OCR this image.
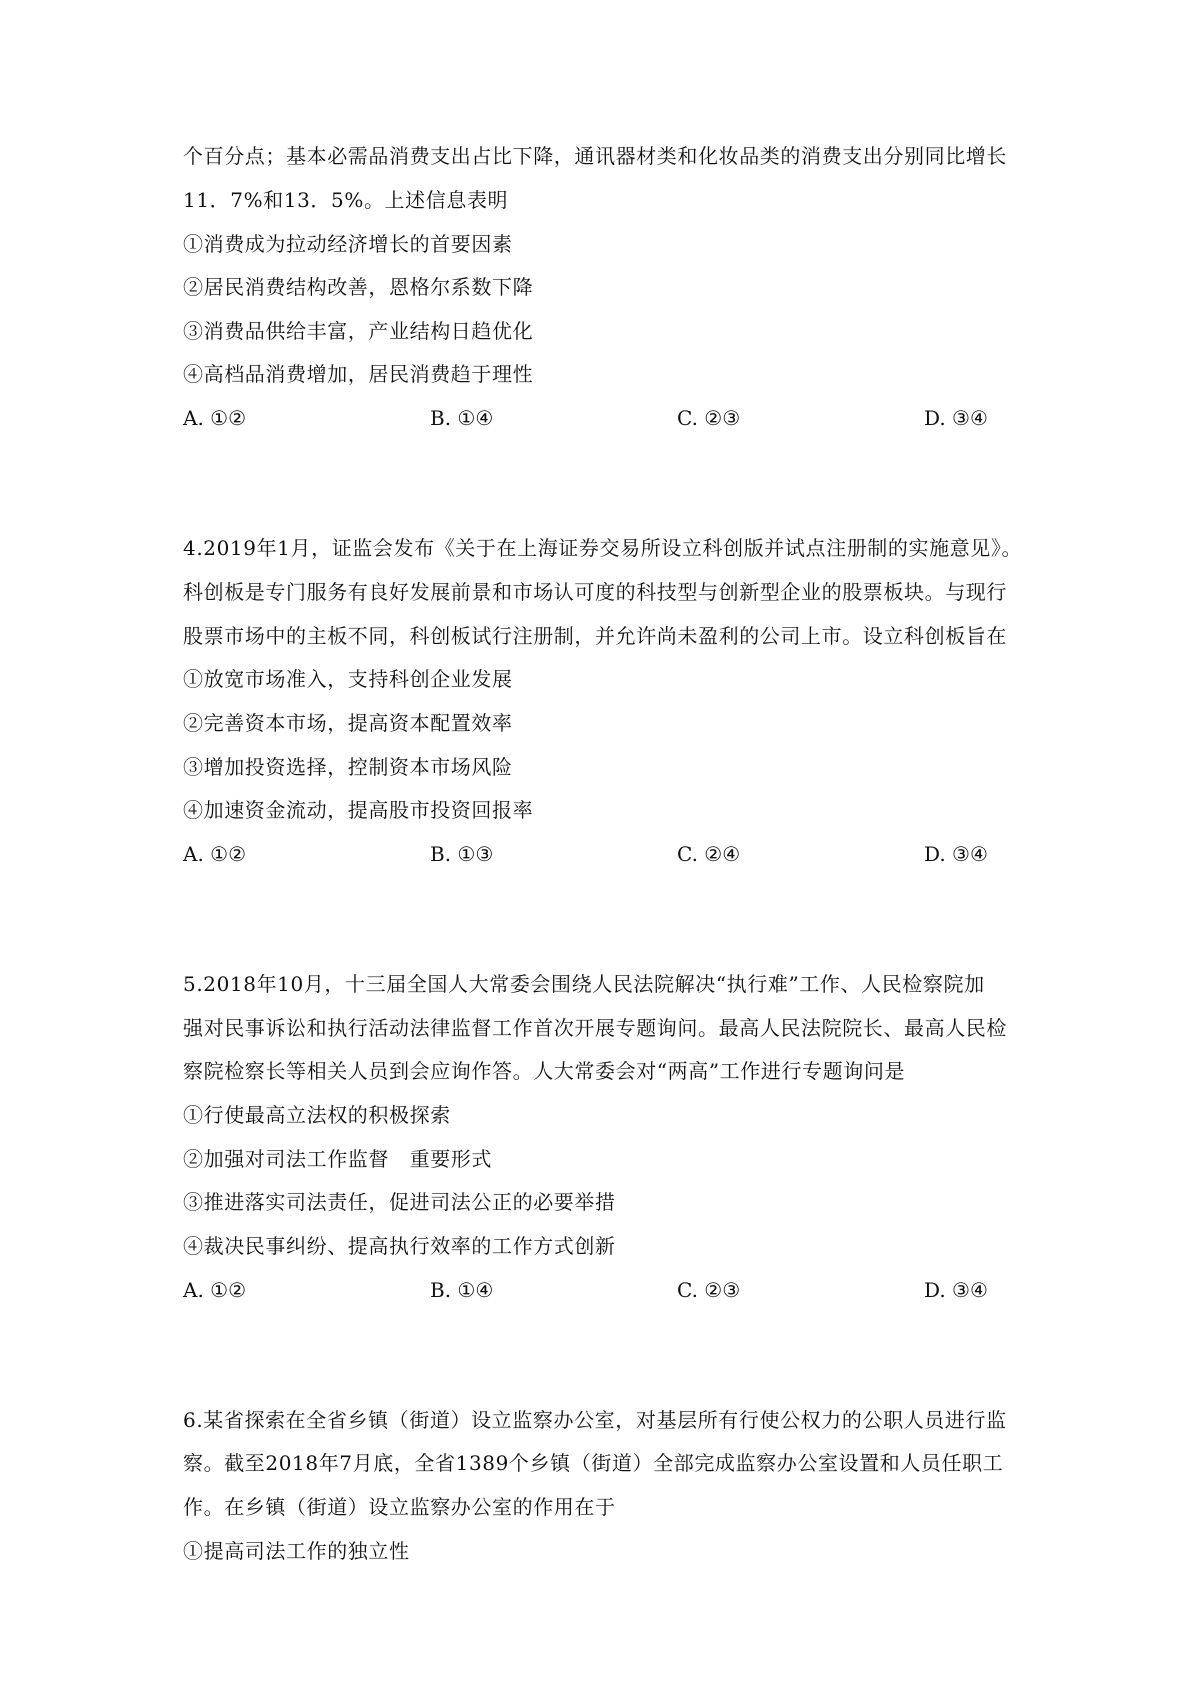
个百分点；基本必需品消费支出占比下降，通讯器材类和化妆品类的消费支出分别同比增长
11．7%和13．5%。上述信息表明
①消费成为拉动经济增长的首要因素
②居民消费结构改善，恩格尔系数下降
③消费品供给丰富，产业结构日趋优化
④高档品消费增加，居民消费趋于理性
A. ①②	B. ①④	C. ②③	D. ③④
4.2019年1月，证监会发布《关于在上海证券交易所设立科创版并试点注册制的实施意见》。
科创板是专门服务有良好发展前景和市场认可度的科技型与创新型企业的股票板块。与现行
股票市场中的主板不同，科创板试行注册制，并允许尚未盈利的公司上市。设立科创板旨在
①放宽市场准入，支持科创企业发展
②完善资本市场，提高资本配置效率
③增加投资选择，控制资本市场风险
④加速资金流动，提高股市投资回报率
A. ①②	B. ①③	C. ②④	D. ③④
5.2018年10月，十三届全国人大常委会围绕人民法院解决“执行难”工作、人民检察院加
强对民事诉讼和执行活动法律监督工作首次开展专题询问。最高人民法院院长、最高人民检
察院检察长等相关人员到会应询作答。人大常委会对“两高”工作进行专题询问是
①行使最高立法权的积极探索
②加强对司法工作监督　重要形式
③推进落实司法责任，促进司法公正的必要举措
④裁决民事纠纷、提高执行效率的工作方式创新
A. ①②	B. ①④	C. ②③	D. ③④
6.某省探索在全省乡镇（街道）设立监察办公室，对基层所有行使公权力的公职人员进行监
察。截至2018年7月底，全省1389个乡镇（街道）全部完成监察办公室设置和人员任职工
作。在乡镇（街道）设立监察办公室的作用在于
①提高司法工作的独立性
